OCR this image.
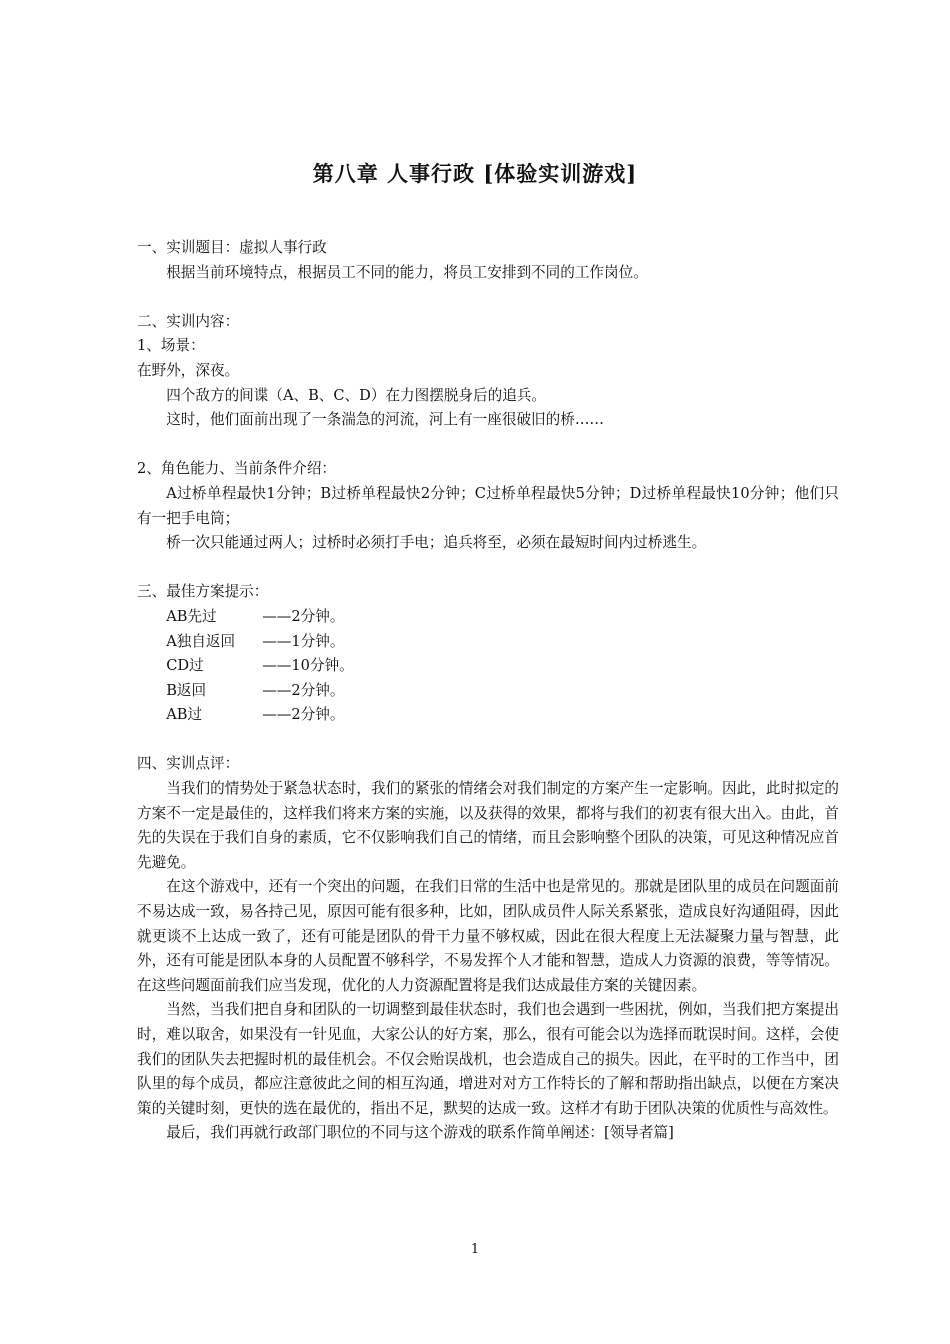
第八章 人事行政 [体验实训游戏]

一、实训题目：虚拟人事行政

根据当前环境特点，根据员工不同的能力，将员工安排到不同的工作岗位。

二、实训内容：

1、场景：

在野外，深夜。

四个敌方的间谍（A、B、C、D）在力图摆脱身后的追兵。

这时，他们面前出现了一条湍急的河流，河上有一座很破旧的桥……

2、角色能力、当前条件介绍：

A过桥单程最快1分钟；B过桥单程最快2分钟；C过桥单程最快5分钟；D过桥单程最快10分钟；他们只有一把手电筒；

桥一次只能通过两人；过桥时必须打手电；追兵将至，必须在最短时间内过桥逃生。

三、最佳方案提示：

AB先过	——2分钟。
A独自返回	——1分钟。
CD过	——10分钟。
B返回	——2分钟。
AB过	——2分钟。

四、实训点评：

当我们的情势处于紧急状态时，我们的紧张的情绪会对我们制定的方案产生一定影响。因此，此时拟定的方案不一定是最佳的，这样我们将来方案的实施，以及获得的效果，都将与我们的初衷有很大出入。由此，首先的失误在于我们自身的素质，它不仅影响我们自己的情绪，而且会影响整个团队的决策，可见这种情况应首先避免。

在这个游戏中，还有一个突出的问题，在我们日常的生活中也是常见的。那就是团队里的成员在问题面前不易达成一致，易各持己见，原因可能有很多种，比如，团队成员件人际关系紧张，造成良好沟通阻碍，因此就更谈不上达成一致了，还有可能是团队的骨干力量不够权威，因此在很大程度上无法凝聚力量与智慧，此外，还有可能是团队本身的人员配置不够科学，不易发挥个人才能和智慧，造成人力资源的浪费，等等情况。在这些问题面前我们应当发现，优化的人力资源配置将是我们达成最佳方案的关键因素。

当然，当我们把自身和团队的一切调整到最佳状态时，我们也会遇到一些困扰，例如，当我们把方案提出时，难以取舍，如果没有一针见血，大家公认的好方案，那么，很有可能会以为选择而耽误时间。这样，会使我们的团队失去把握时机的最佳机会。不仅会贻误战机，也会造成自己的损失。因此，在平时的工作当中，团队里的每个成员，都应注意彼此之间的相互沟通，增进对对方工作特长的了解和帮助指出缺点，以便在方案决策的关键时刻，更快的选在最优的，指出不足，默契的达成一致。这样才有助于团队决策的优质性与高效性。

最后，我们再就行政部门职位的不同与这个游戏的联系作简单阐述：[领导者篇]

1
